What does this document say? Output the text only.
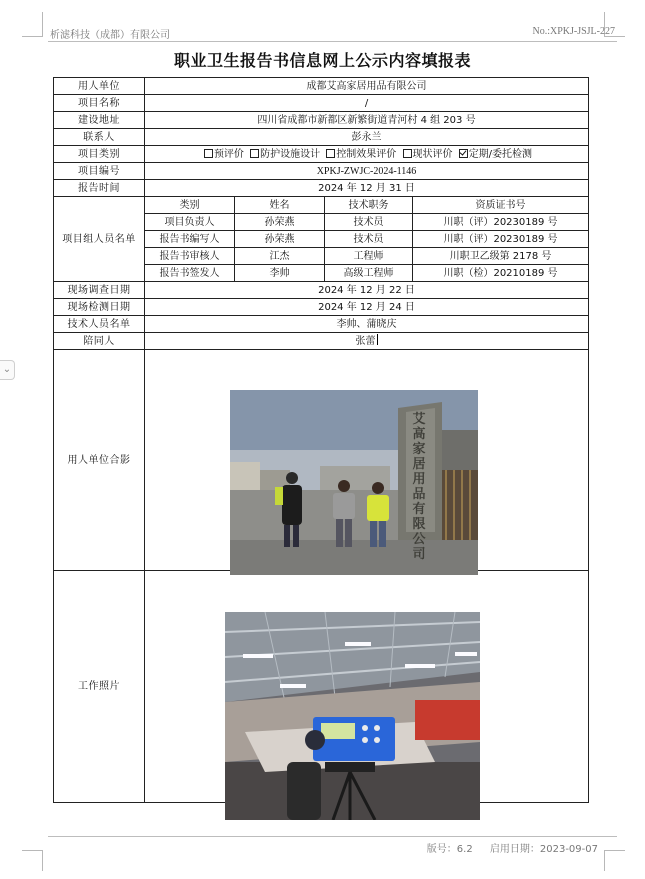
析滤科技（成都）有限公司	No.:XPKJ-JSJL-227
职业卫生报告书信息网上公示内容填报表
⌄
用人单位	成都艾高家居用品有限公司			
项目名称	/			
建设地址	四川省成都市新都区新繁街道青河村 4 组 203 号			
联系人	彭永兰			
项目类别	预评价 防护设施设计 控制效果评价 现状评价 定期/委托检测			
项目编号	XPKJ-ZWJC-2024-1146			
报告时间	2024 年 12 月 31 日			
项目组人员名单	类别	姓名	技术职务	资质证书号
	项目负责人	孙荣燕	技术员	川职（评）20230189 号
	报告书编写人	孙荣燕	技术员	川职（评）20230189 号
	报告书审核人	江杰	工程师	川职卫乙级第 2178 号
	报告书签发人	李帅	高级工程师	川职（检）20210189 号
现场调查日期	2024 年 12 月 22 日			
现场检测日期	2024 年 12 月 24 日			
技术人员名单	李帅、蒲晓庆			
陪同人	张蕾			
用人单位合影				
工作照片				
艾高家居用品有限公司
版号：6.2 启用日期：2023-09-07
